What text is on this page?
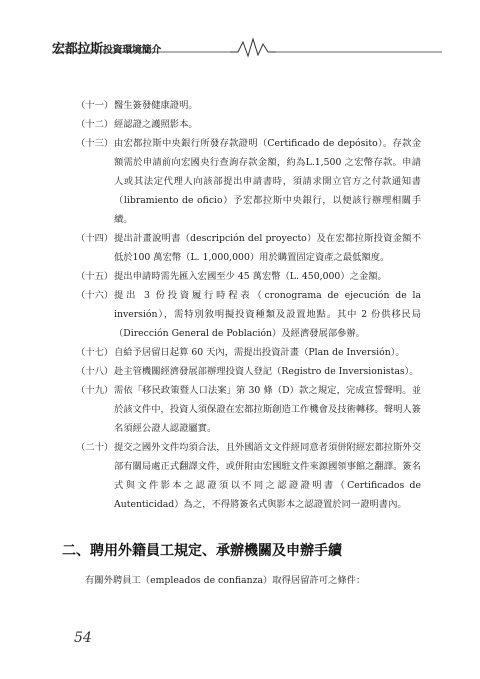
宏都拉斯投資環境簡介
（十一） 醫生簽發健康證明。
（十二） 經認證之護照影本。
（十三） 由宏都拉斯中央銀行所發存款證明（Certificado de depósito）。存款金額需於申請前向宏國央行查詢存款金額，約為L.1,500 之宏幣存款。申請人或其法定代理人向該部提出申請書時，須請求開立官方之付款通知書（libramiento de oficio）予宏都拉斯中央銀行，以便該行辦理相關手續。
（十四） 提出計畫說明書（descripción del proyecto）及在宏都拉斯投資金額不低於100 萬宏幣（L. 1,000,000）用於購置固定資產之最低額度。
（十五） 提出申請時需先匯入宏國至少 45 萬宏幣（L. 450,000）之金額。
（十六） 提出 3 份投資履行時程表（cronograma de ejecución de la inversión），需特別敘明擬投資種類及設置地點。其中 2 份供移民局（Dirección General de Población）及經濟發展部參辦。
（十七） 自給予居留日起算 60 天內，需提出投資計畫（Plan de Inversión）。
（十八） 赴主管機關經濟發展部辦理投資人登記（Registro de Inversionistas）。
（十九） 需依「移民政策暨人口法案」第 30 條（D）款之規定，完成宣誓聲明。並於該文件中，投資人須保證在宏都拉斯創造工作機會及技術轉移。聲明人簽名須經公證人認證屬實。
（二十） 提交之國外文件均須合法，且外國語文文件經同意者須併附經宏都拉斯外交部有關局處正式翻譯文件，或併附由宏國駐文件來源國領事館之翻譯。簽名式與文件影本之認證須以不同之認證證明書（Certificados de Autenticidad）為之，不得將簽名式與影本之認證置於同一證明書內。
二、聘用外籍員工規定、承辦機關及申辦手續
有關外聘員工（empleados de confianza）取得居留許可之條件：
54
